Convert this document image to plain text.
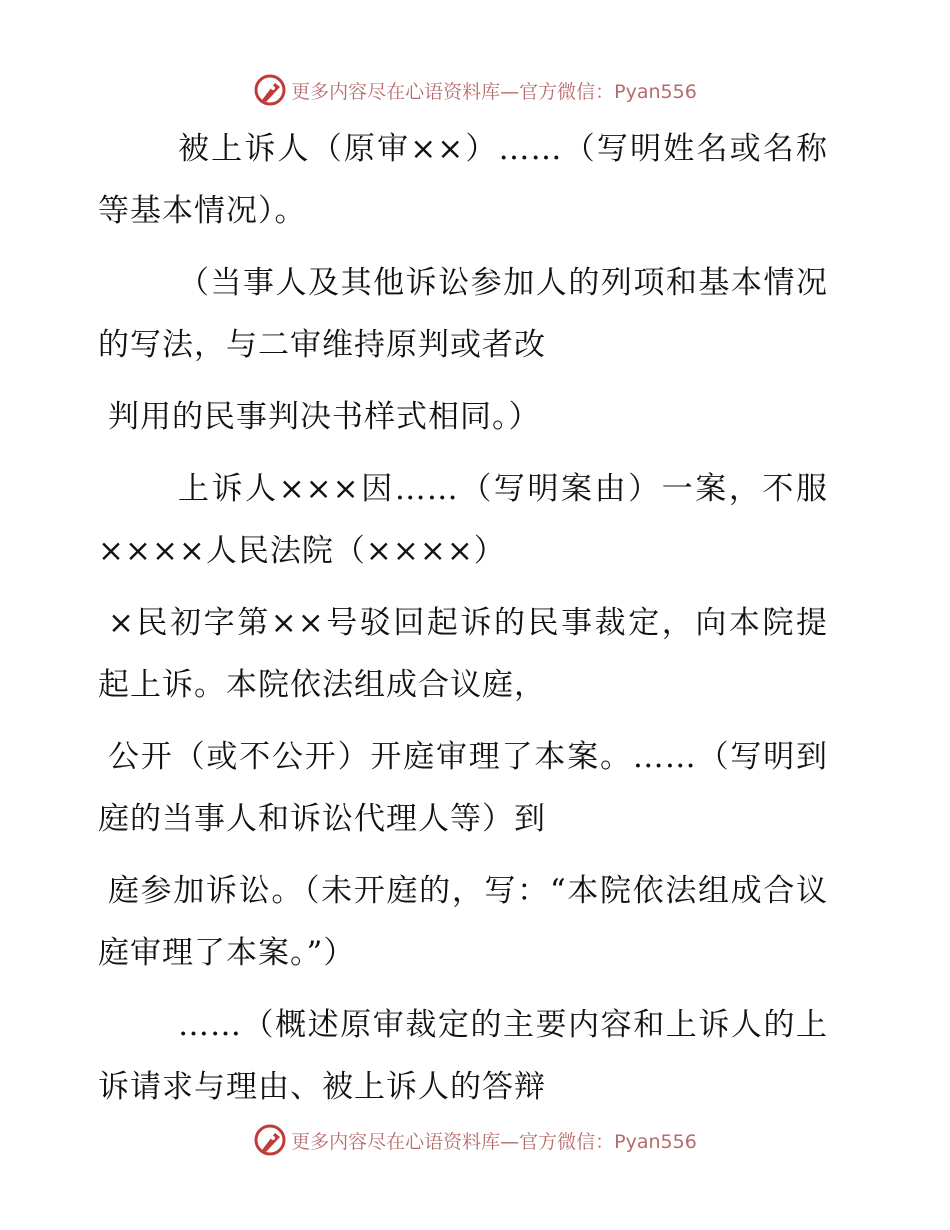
更多内容尽在心语资料库—官方微信：Pyan556

被上诉人（原审××）……（写明姓名或名称等基本情况）。

（当事人及其他诉讼参加人的列项和基本情况的写法，与二审维持原判或者改

判用的民事判决书样式相同。）

上诉人×××因……（写明案由）一案，不服××××人民法院（××××）

×民初字第××号驳回起诉的民事裁定，向本院提起上诉。本院依法组成合议庭，

公开（或不公开）开庭审理了本案。……（写明到庭的当事人和诉讼代理人等）到

庭参加诉讼。（未开庭的，写：“本院依法组成合议庭审理了本案。”）

……（概述原审裁定的主要内容和上诉人的上诉请求与理由、被上诉人的答辩

更多内容尽在心语资料库—官方微信：Pyan556
